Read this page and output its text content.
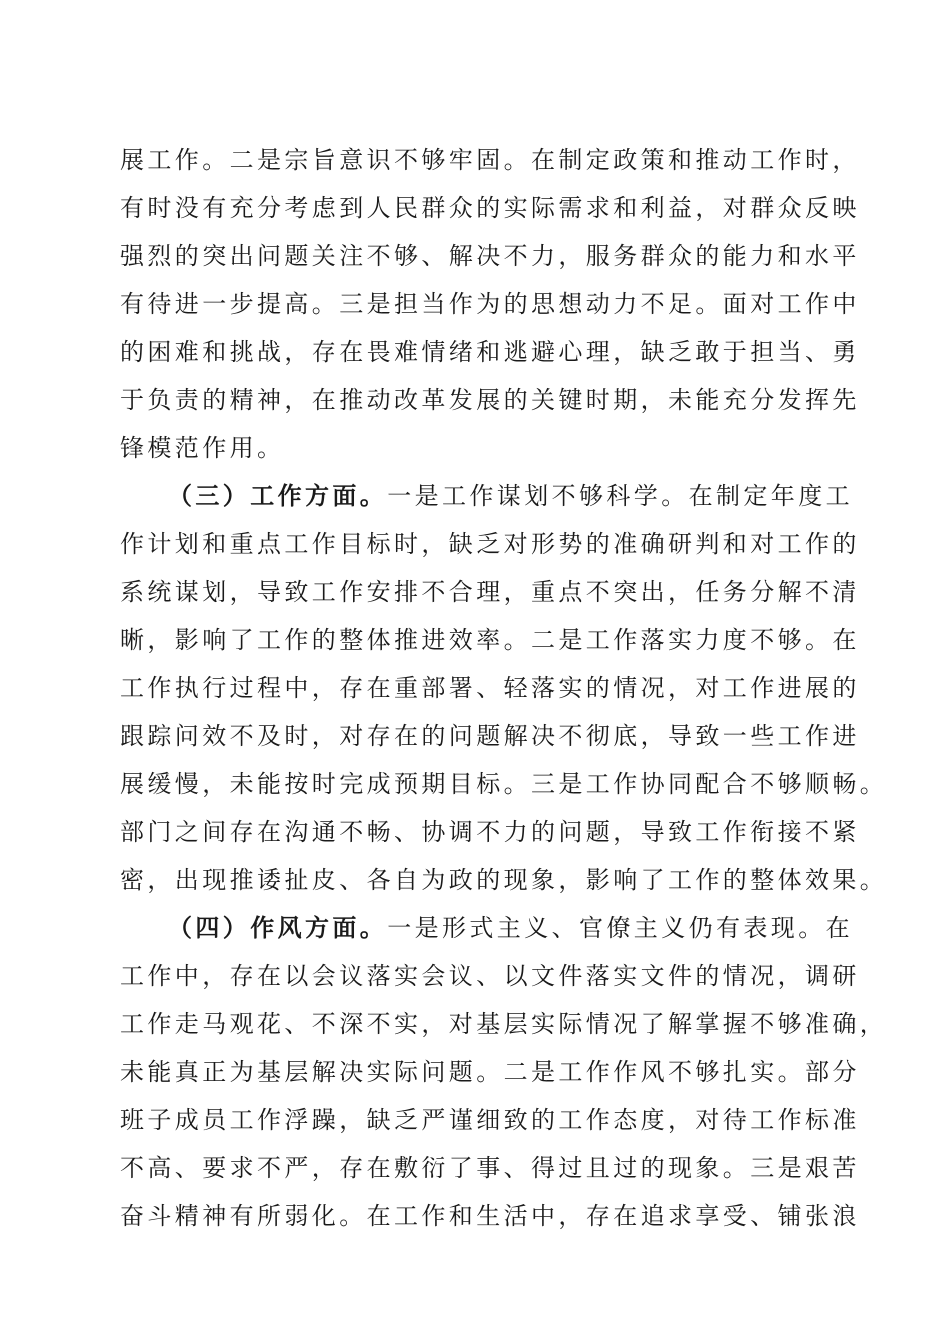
展工作。二是宗旨意识不够牢固。在制定政策和推动工作时，
有时没有充分考虑到人民群众的实际需求和利益，对群众反映
强烈的突出问题关注不够、解决不力，服务群众的能力和水平
有待进一步提高。三是担当作为的思想动力不足。面对工作中
的困难和挑战，存在畏难情绪和逃避心理，缺乏敢于担当、勇
于负责的精神，在推动改革发展的关键时期，未能充分发挥先
锋模范作用。
（三）工作方面。一是工作谋划不够科学。在制定年度工
作计划和重点工作目标时，缺乏对形势的准确研判和对工作的
系统谋划，导致工作安排不合理，重点不突出，任务分解不清
晰，影响了工作的整体推进效率。二是工作落实力度不够。在
工作执行过程中，存在重部署、轻落实的情况，对工作进展的
跟踪问效不及时，对存在的问题解决不彻底，导致一些工作进
展缓慢，未能按时完成预期目标。三是工作协同配合不够顺畅。
部门之间存在沟通不畅、协调不力的问题，导致工作衔接不紧
密，出现推诿扯皮、各自为政的现象，影响了工作的整体效果。
（四）作风方面。一是形式主义、官僚主义仍有表现。在
工作中，存在以会议落实会议、以文件落实文件的情况，调研
工作走马观花、不深不实，对基层实际情况了解掌握不够准确，
未能真正为基层解决实际问题。二是工作作风不够扎实。部分
班子成员工作浮躁，缺乏严谨细致的工作态度，对待工作标准
不高、要求不严，存在敷衍了事、得过且过的现象。三是艰苦
奋斗精神有所弱化。在工作和生活中，存在追求享受、铺张浪
